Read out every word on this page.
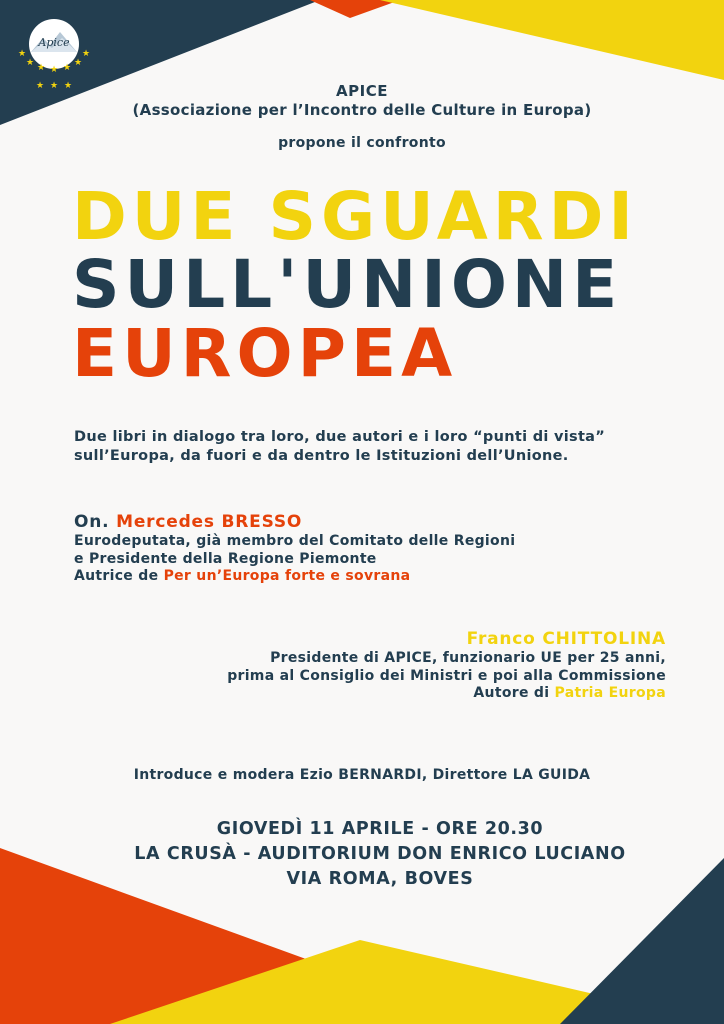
Apice
★
★ ★ ★ ★ ★
★
★ ★ ★	APICE
(Associazione per l’Incontro delle Culture in Europa)
propone il confronto
DUE SGUARDI
SULL'UNIONE
EUROPEA
Due libri in dialogo tra loro, due autori e i loro “punti di vista”
sull’Europa, da fuori e da dentro le Istituzioni dell’Unione.
On. Mercedes BRESSO
Eurodeputata, già membro del Comitato delle Regioni
e Presidente della Regione Piemonte
Autrice de Per un’Europa forte e sovrana
Franco CHITTOLINA
Presidente di APICE, funzionario UE per 25 anni,
prima al Consiglio dei Ministri e poi alla Commissione
Autore di Patria Europa
Introduce e modera Ezio BERNARDI, Direttore LA GUIDA
GIOVEDÌ 11 APRILE - ORE 20.30
LA CRUSÀ - AUDITORIUM DON ENRICO LUCIANO
VIA ROMA, BOVES
